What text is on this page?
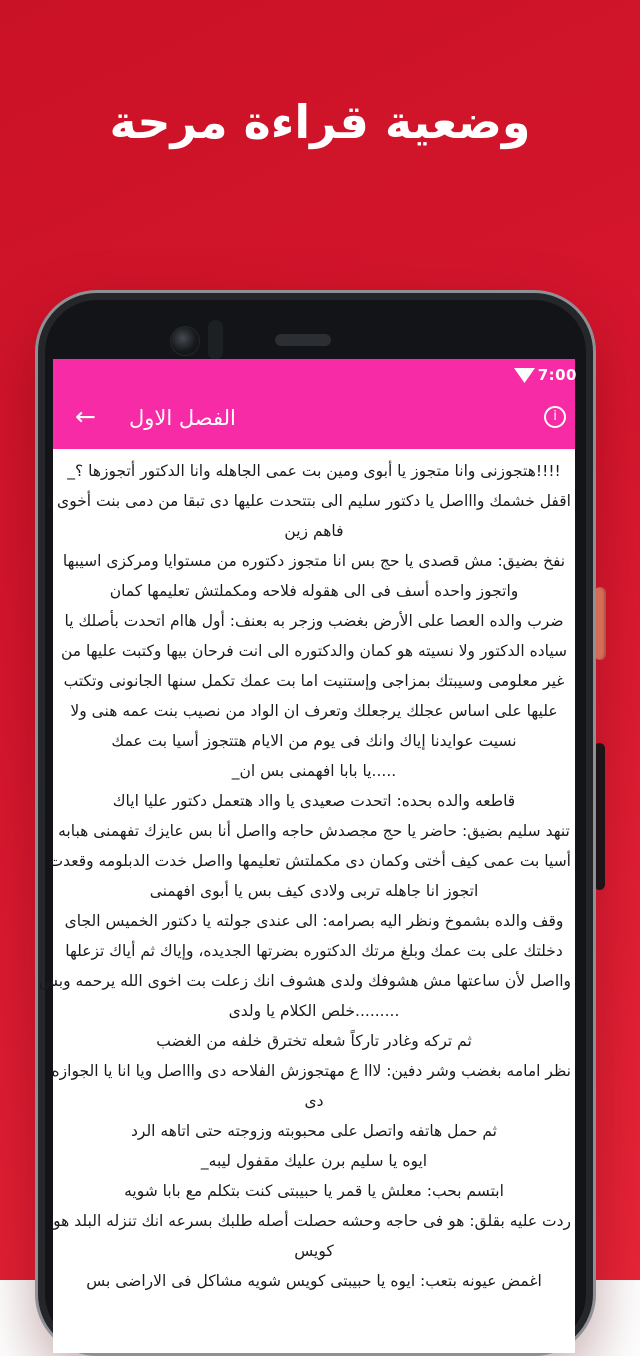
وضعية قراءة مرحة
7:00
← الفصل الاول	i
!!!!هتجوزنى وانا متجوز يا أبوى ومين بت عمى الجاهله وانا الدكتور أتجوزها ؟_
اقفل خشمك واااصل يا دكتور سليم الى بتتحدت عليها دى تبقا من دمى بنت أخوى :
فاهم زين
نفخ بضيق: مش قصدى يا حج بس انا متجوز دكتوره من مستوايا ومركزى اسيبها
واتجوز واحده أسف فى الى هقوله فلاحه ومكملتش تعليمها كمان
ضرب والده العصا على الأرض بغضب وزجر به بعنف: أول هاام اتحدت بأصلك يا
سياده الدكتور ولا نسيته هو كمان والدكتوره الى انت فرحان بيها وكتبت عليها من
غير معلومى وسيبتك بمزاجى وإستنيت اما بت عمك تكمل سنها الجانونى وتكتب
عليها على اساس عجلك يرجعلك وتعرف ان الواد من نصيب بنت عمه هنى ولا
نسيت عوايدنا إياك وانك فى يوم من الايام هتتجوز أسيا بت عمك
.....يا بابا افهمنى بس ان_
قاطعه والده بحده: اتحدت صعيدى يا وااد هتعمل دكتور عليا اياك
تنهد سليم بضيق: حاضر يا حج مجصدش حاجه وااصل أنا بس عايزك تفهمنى هبابه
أسيا بت عمى كيف أختى وكمان دى مكملتش تعليمها وااصل خدت الدبلومه وقعدت
اتجوز انا جاهله تربى ولادى كيف بس يا أبوى افهمنى
وقف والده بشموخ ونظر اليه بصرامه: الى عندى جولته يا دكتور الخميس الجاى
دخلتك على بت عمك وبلغ مرتك الدكتوره بضرتها الجديده، وإياك ثم أياك تزعلها
وااصل لأن ساعتها مش هشوفك ولدى هشوف انك زعلت بت اخوى الله يرحمه وبس
.........خلص الكلام يا ولدى
ثم تركه وغادر تاركاً شعله تخترق خلفه من الغضب
نظر امامه بغضب وشر دفين: لااا ع مهتجوزش الفلاحه دى واااصل ويا انا يا الجوازه
دى
ثم حمل هاتفه واتصل على محبوبته وزوجته حتى اتاهه الرد
ايوه يا سليم برن عليك مقفول ليبه_
ابتسم بحب: معلش يا قمر يا حبيبتى كنت بتكلم مع بابا شويه
ردت عليه بقلق: هو فى حاجه وحشه حصلت أصله طلبك بسرعه انك تنزله البلد هو
كويس
اغمض عيونه بتعب: ايوه يا حبيبتى كويس شويه مشاكل فى الاراضى بس
